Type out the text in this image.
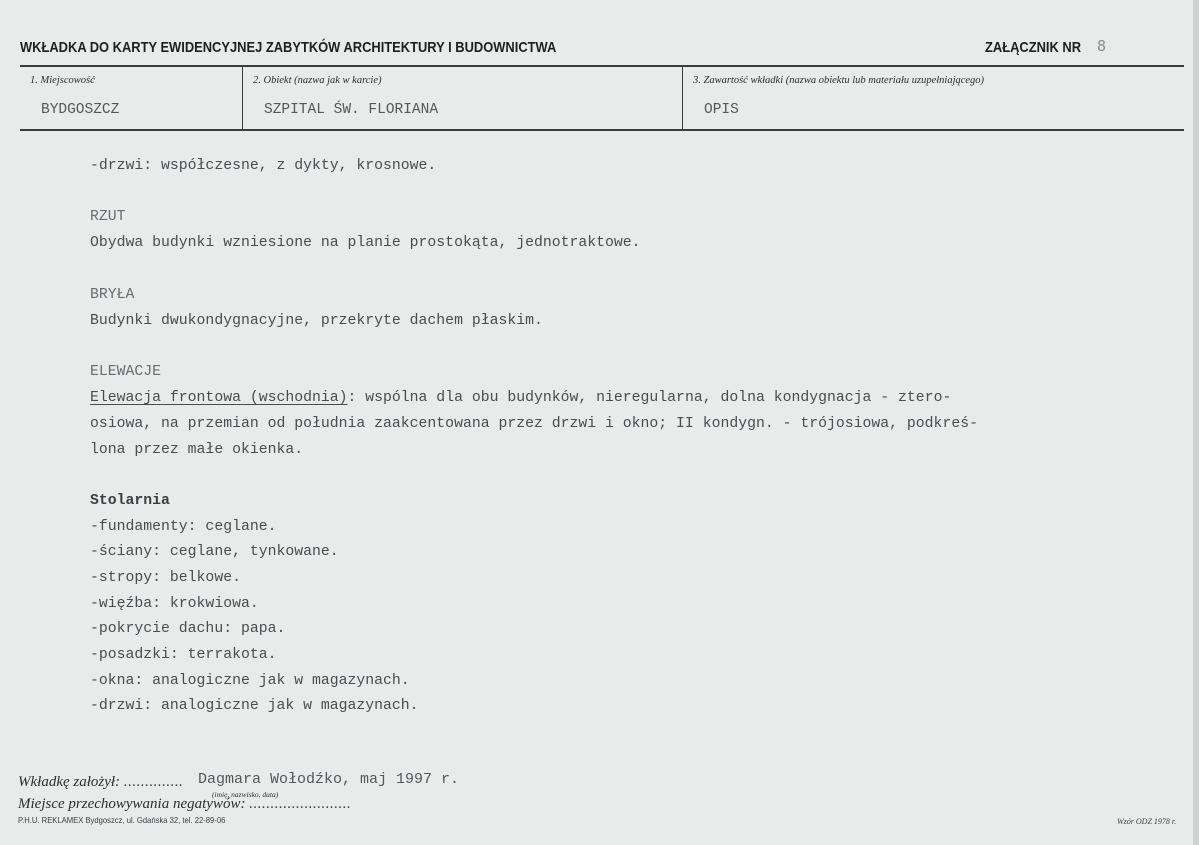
WKŁADKA DO KARTY EWIDENCYJNEJ ZABYTKÓW ARCHITEKTURY I BUDOWNICTWA	ZAŁĄCZNIK NR 8
1. Miejscowość
BYDGOSZCZ
2. Obiekt (nazwa jak w karcie)
SZPITAL ŚW. FLORIANA
3. Zawartość wkładki (nazwa obiektu lub materiału uzupełniającego)
OPIS
-drzwi: współczesne, z dykty, krosnowe.
RZUT
Obydwa budynki wzniesione na planie prostokąta, jednotraktowe.
BRYŁA
Budynki dwukondygnacyjne, przekryte dachem płaskim.
ELEWACJE
Elewacja frontowa (wschodnia): wspólna dla obu budynków, nieregularna, dolna kondygnacja - ztero-
osiowa, na przemian od południa zaakcentowana przez drzwi i okno; II kondygn. - trójosiowa, podkreś-
lona przez małe okienka.
Stolarnia
-fundamenty: ceglane.
-ściany: ceglane, tynkowane.
-stropy: belkowe.
-więźba: krokwiowa.
-pokrycie dachu: papa.
-posadzki: terrakota.
-okna: analogiczne jak w magazynach.
-drzwi: analogiczne jak w magazynach.
Wkładkę założył: .............. Dagmara Wołodźko, maj 1997 r.
(imię, nazwisko, data)
Miejsce przechowywania negatywów: ........................
P.H.U. REKLAMEX Bydgoszcz, ul. Gdańska 32, tel. 22-89-06	Wzór ODZ 1978 r.
